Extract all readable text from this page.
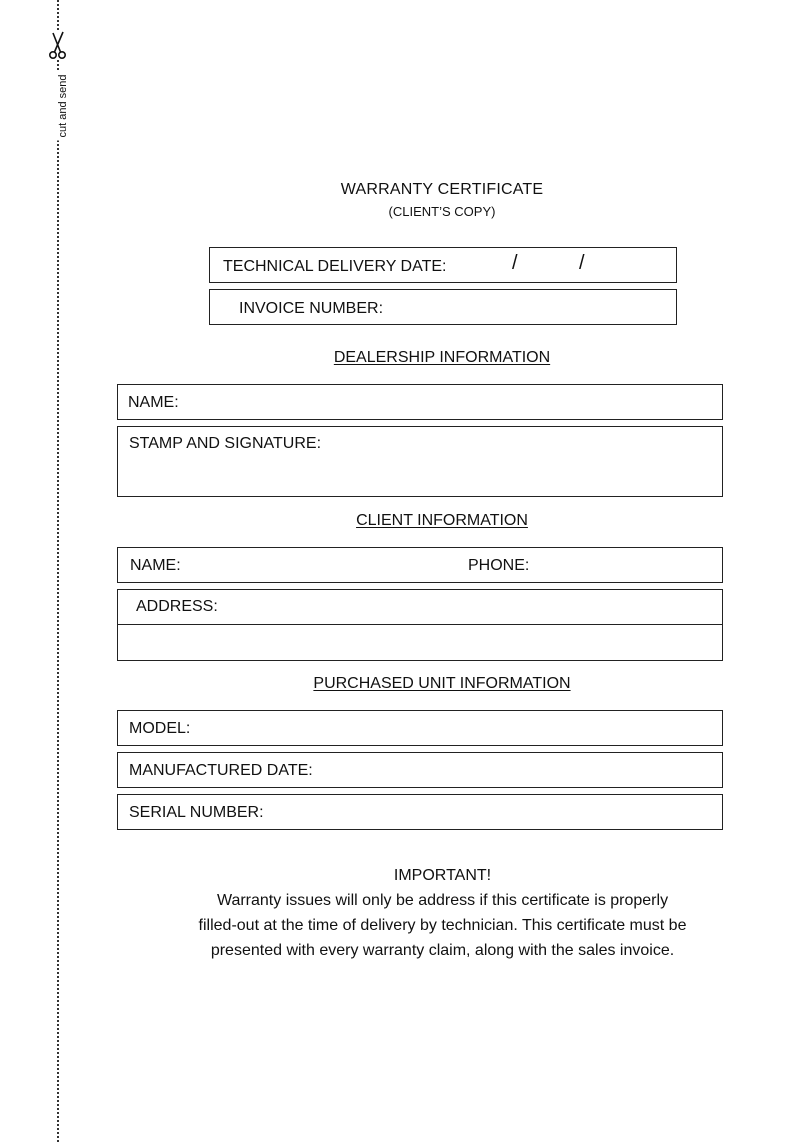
cut and send
WARRANTY CERTIFICATE
(CLIENT’S COPY)
TECHNICAL DELIVERY DATE:	/	/
INVOICE NUMBER:
DEALERSHIP INFORMATION
NAME:
STAMP AND SIGNATURE:
CLIENT INFORMATION
NAME:	PHONE:
ADDRESS:
PURCHASED UNIT INFORMATION
MODEL:
MANUFACTURED DATE:
SERIAL NUMBER:
IMPORTANT!
Warranty issues will only be address if this certificate is properly
filled-out at the time of delivery by technician. This certificate must be
presented with every warranty claim, along with the sales invoice.
